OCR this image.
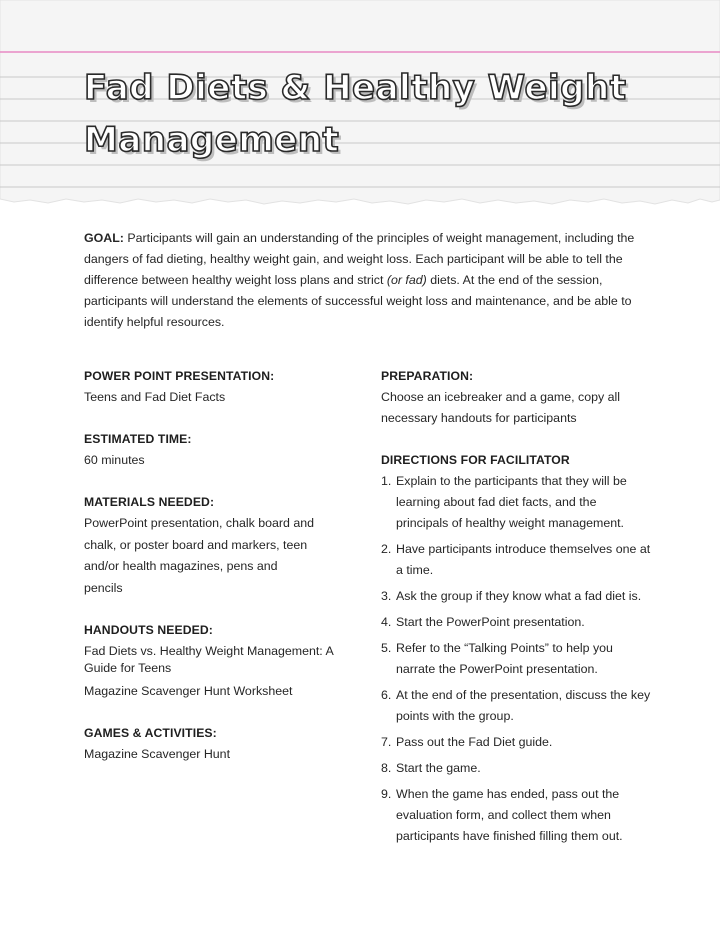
Fad Diets & Healthy Weight Management

GOAL: Participants will gain an understanding of the principles of weight management, including the dangers of fad dieting, healthy weight gain, and weight loss. Each participant will be able to tell the difference between healthy weight loss plans and strict (or fad) diets. At the end of the session, participants will understand the elements of successful weight loss and maintenance, and be able to identify helpful resources.

POWER POINT PRESENTATION:

Teens and Fad Diet Facts

ESTIMATED TIME:

60 minutes

MATERIALS NEEDED:

PowerPoint presentation, chalk board and chalk, or poster board and markers, teen and/or health magazines, pens and pencils

HANDOUTS NEEDED:

Fad Diets vs. Healthy Weight Management: A Guide for Teens

Magazine Scavenger Hunt Worksheet

GAMES & ACTIVITIES:

Magazine Scavenger Hunt

PREPARATION:

Choose an icebreaker and a game, copy all necessary handouts for participants

DIRECTIONS FOR FACILITATOR
1. Explain to the participants that they will be learning about fad diet facts, and the principals of healthy weight management.
2. Have participants introduce themselves one at a time.
3. Ask the group if they know what a fad diet is.
4. Start the PowerPoint presentation.
5. Refer to the “Talking Points” to help you narrate the PowerPoint presentation.
6. At the end of the presentation, discuss the key points with the group.
7. Pass out the Fad Diet guide.
8. Start the game.
9. When the game has ended, pass out the evaluation form, and collect them when participants have finished filling them out.
